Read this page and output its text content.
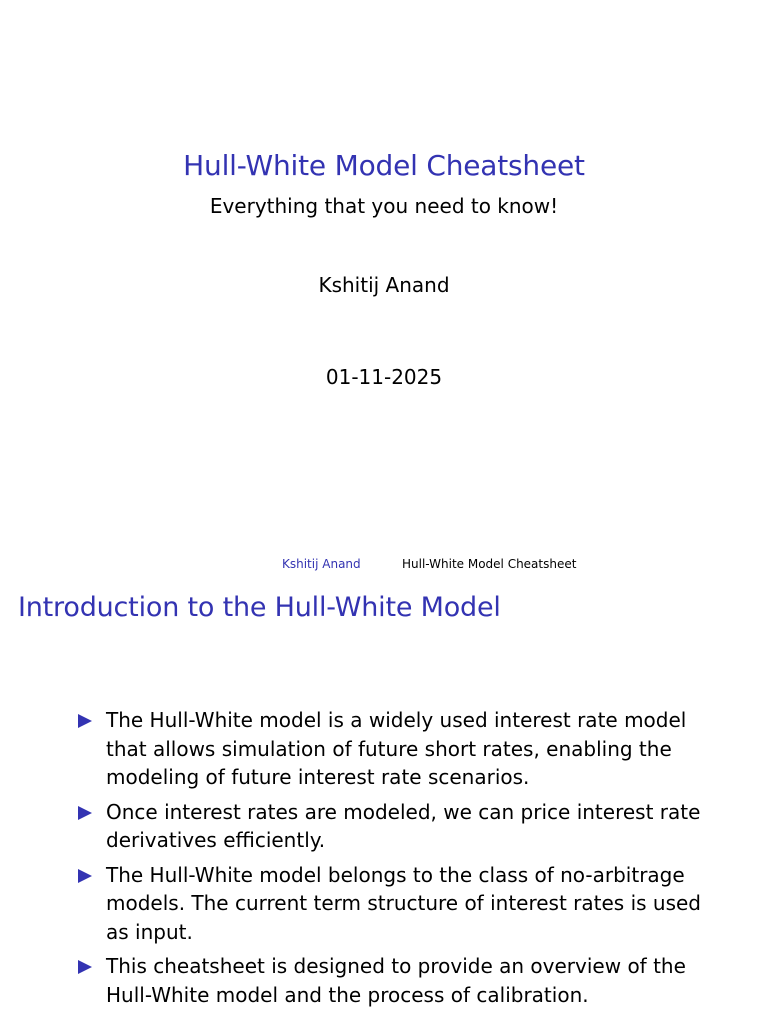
Hull-White Model Cheatsheet
Everything that you need to know!
Kshitij Anand
01-11-2025
Kshitij Anand	Hull-White Model Cheatsheet
Introduction to the Hull-White Model
The Hull-White model is a widely used interest rate model that allows simulation of future short rates, enabling the modeling of future interest rate scenarios.
Once interest rates are modeled, we can price interest rate derivatives efficiently.
The Hull-White model belongs to the class of no-arbitrage models. The current term structure of interest rates is used as input.
This cheatsheet is designed to provide an overview of the Hull-White model and the process of calibration.
